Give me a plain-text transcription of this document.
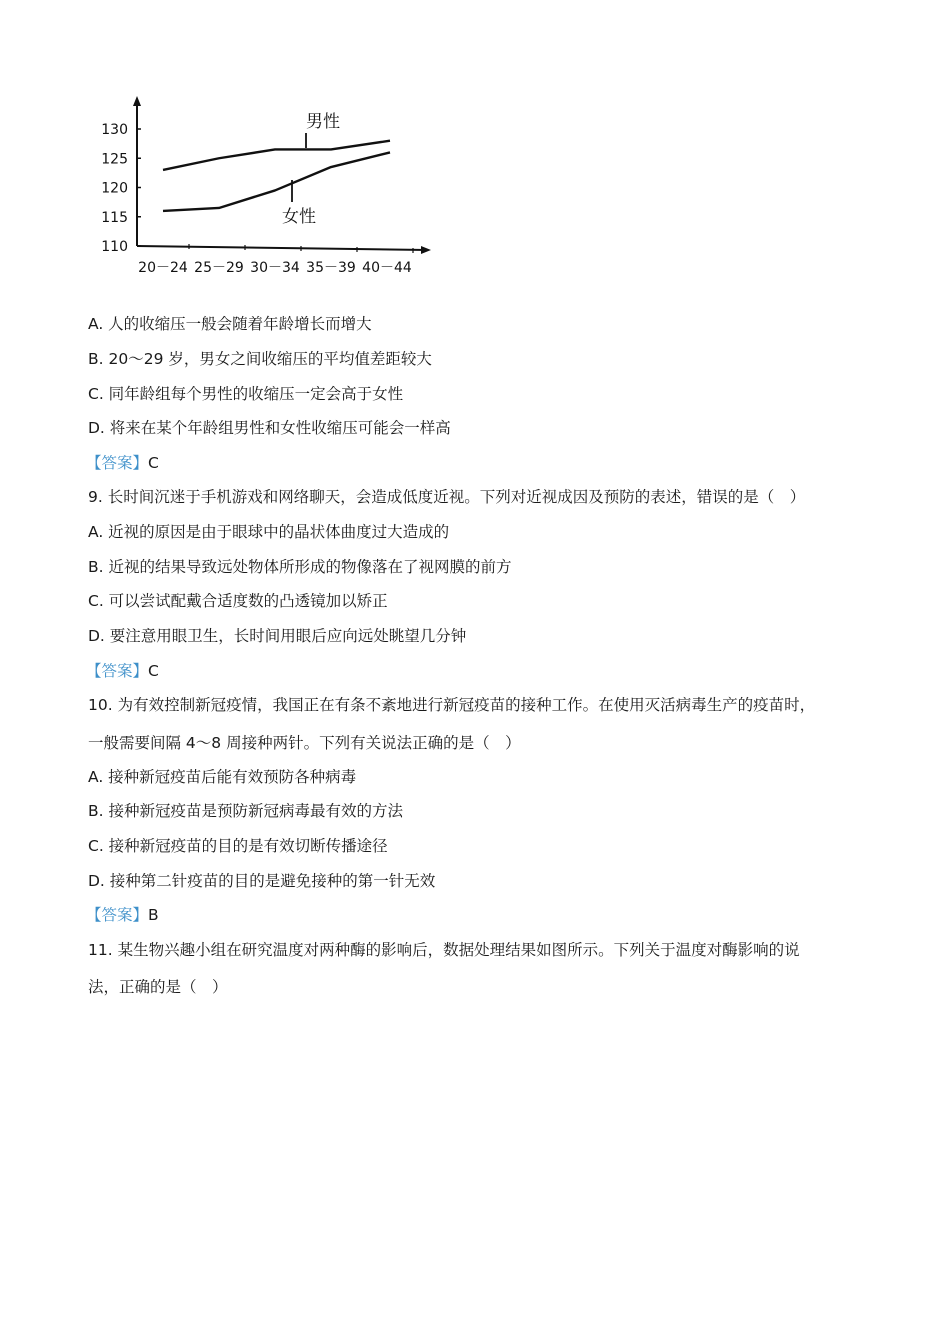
130
125
120
115
110
20－24 25－29 30－34 35－39 40－44
男性
女性
A. 人的收缩压一般会随着年龄增长而增大
B. 20～29 岁，男女之间收缩压的平均值差距较大
C. 同年龄组每个男性的收缩压一定会高于女性
D. 将来在某个年龄组男性和女性收缩压可能会一样高
【答案】C
9. 长时间沉迷于手机游戏和网络聊天，会造成低度近视。下列对近视成因及预防的表述，错误的是（　）
A. 近视的原因是由于眼球中的晶状体曲度过大造成的
B. 近视的结果导致远处物体所形成的物像落在了视网膜的前方
C. 可以尝试配戴合适度数的凸透镜加以矫正
D. 要注意用眼卫生，长时间用眼后应向远处眺望几分钟
【答案】C
10. 为有效控制新冠疫情，我国正在有条不紊地进行新冠疫苗的接种工作。在使用灭活病毒生产的疫苗时，
一般需要间隔 4～8 周接种两针。下列有关说法正确的是（　）
A. 接种新冠疫苗后能有效预防各种病毒
B. 接种新冠疫苗是预防新冠病毒最有效的方法
C. 接种新冠疫苗的目的是有效切断传播途径
D. 接种第二针疫苗的目的是避免接种的第一针无效
【答案】B
11. 某生物兴趣小组在研究温度对两种酶的影响后，数据处理结果如图所示。下列关于温度对酶影响的说
法，正确的是（　）
